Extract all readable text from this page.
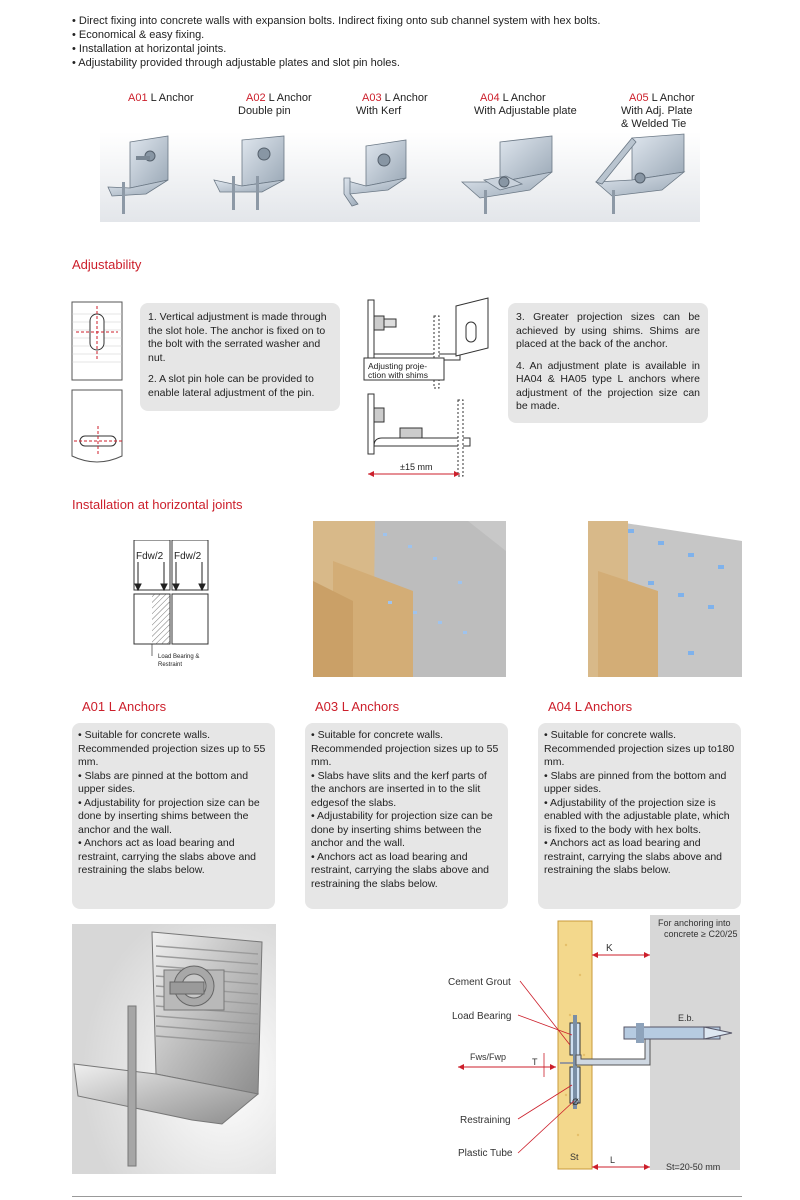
• Direct fixing into concrete walls with expansion bolts. Indirect fixing onto sub channel system with hex bolts.
• Economical & easy fixing.
• Installation at horizontal joints.
• Adjustability provided through adjustable plates and slot pin holes.
A01 L Anchor	A02 L Anchor
Double pin
A03 L Anchor
With Kerf
A04 L Anchor
With Adjustable plate
A05 L Anchor
With Adj. Plate
& Welded Tie
Adjustability
1. Vertical adjustment is made through the slot hole. The anchor is fixed on to the bolt with the serrated washer and nut.
2. A slot pin hole can be provided to enable lateral adjustment of the pin.
Adjusting proje-
ction with shims
±15 mm
3. Greater projection sizes can be achieved by using shims. Shims are placed at the back of the anchor.
4. An adjustment plate is available in HA04 & HA05 type L anchors where adjustment of the projection size can be made.
Installation at horizontal joints
Fdw/2 Fdw/2
Load Bearing &
Restraint
A01 L Anchors	A03 L Anchors	A04 L Anchors
• Suitable for concrete walls. Recommended projection sizes up to 55 mm.
• Slabs are pinned at the bottom and upper sides.
• Adjustability for projection size can be done by inserting shims between the anchor and the wall.
• Anchors act as load bearing and restraint, carrying the slabs above and restraining the slabs below.
• Suitable for concrete walls. Recommended projection sizes up to 55 mm.
• Slabs have slits and the kerf parts of the anchors are inserted in to the slit edgesof the slabs.
• Adjustability for projection size can be done by inserting shims between the anchor and the wall.
• Anchors act as load bearing and restraint, carrying the slabs above and restraining the slabs below.
• Suitable for concrete walls. Recommended projection sizes up to180 mm.
• Slabs are pinned from the bottom and upper sides.
• Adjustability of the projection size is enabled with the adjustable plate, which is fixed to the body with hex bolts.
• Anchors act as load bearing and restraint, carrying the slabs above and restraining the slabs below.
For anchoring into
concrete ≥ C20/25
E.b.
K
Cement Grout
Load Bearing
Fws/Fwp	T
Ø
Restraining
Plastic Tube	St	L
St=20-50 mm
